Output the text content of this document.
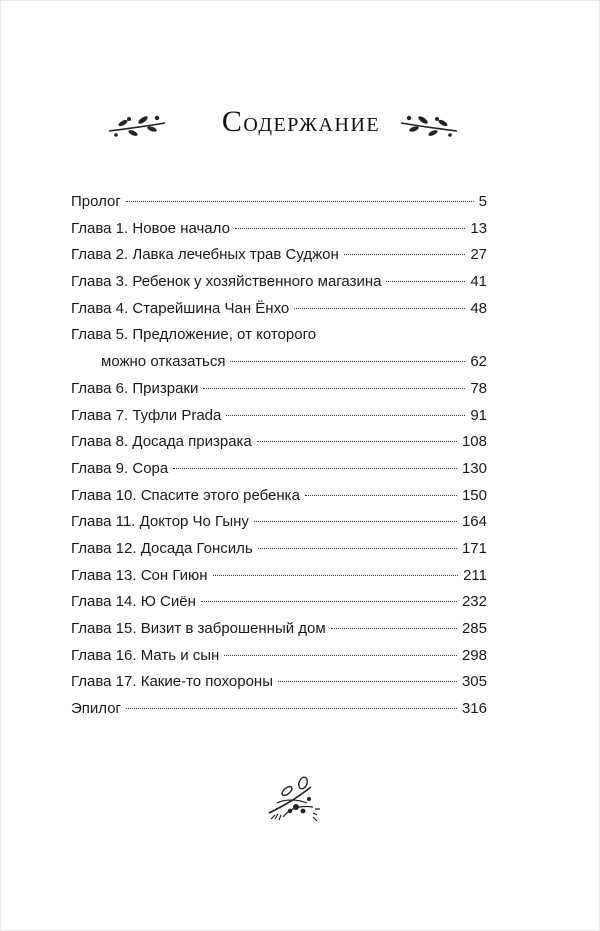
Содержание
Пролог	5
Глава 1. Новое начало	13
Глава 2. Лавка лечебных трав Суджон	27
Глава 3. Ребенок у хозяйственного магазина	41
Глава 4. Старейшина Чан Ёнхо	48
Глава 5. Предложение, от которого
можно отказаться	62
Глава 6. Призраки	78
Глава 7. Туфли Prada	91
Глава 8. Досада призрака	108
Глава 9. Сора	130
Глава 10. Спасите этого ребенка	150
Глава 11. Доктор Чо Гыну	164
Глава 12. Досада Гонсиль	171
Глава 13. Сон Гиюн	211
Глава 14. Ю Сиён	232
Глава 15. Визит в заброшенный дом	285
Глава 16. Мать и сын	298
Глава 17. Какие-то похороны	305
Эпилог	316
